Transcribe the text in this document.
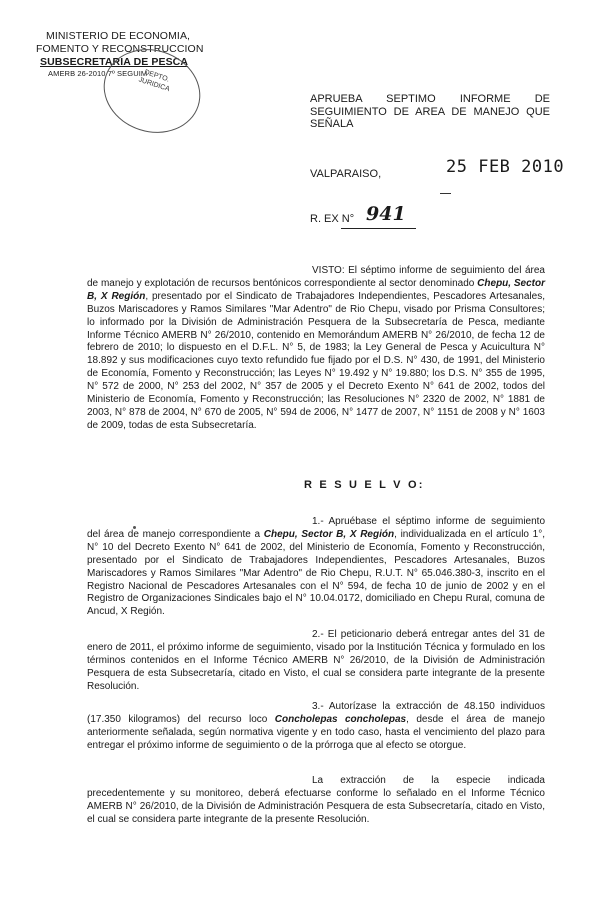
MINISTERIO DE ECONOMIA,
FOMENTO Y RECONSTRUCCION
SUBSECRETARIA DE PESCA
AMERB 26-2010 7º SEGUIM
DEPTO. JURIDICA
APRUEBA SEPTIMO INFORME DE SEGUIMIENTO DE AREA DE MANEJO QUE SEÑALA
VALPARAISO,	25 FEB 2010
R. EX N° 941
VISTO: El séptimo informe de seguimiento del área de manejo y explotación de recursos bentónicos correspondiente al sector denominado Chepu, Sector B, X Región, presentado por el Sindicato de Trabajadores Independientes, Pescadores Artesanales, Buzos Mariscadores y Ramos Similares "Mar Adentro" de Rio Chepu, visado por Prisma Consultores; lo informado por la División de Administración Pesquera de la Subsecretaría de Pesca, mediante Informe Técnico AMERB N° 26/2010, contenido en Memorándum AMERB N° 26/2010, de fecha 12 de febrero de 2010; lo dispuesto en el D.F.L. N° 5, de 1983; la Ley General de Pesca y Acuicultura N° 18.892 y sus modificaciones cuyo texto refundido fue fijado por el D.S. N° 430, de 1991, del Ministerio de Economía, Fomento y Reconstrucción; las Leyes N° 19.492 y N° 19.880; los D.S. N° 355 de 1995, N° 572 de 2000, N° 253 del 2002, N° 357 de 2005 y el Decreto Exento N° 641 de 2002, todos del Ministerio de Economía, Fomento y Reconstrucción; las Resoluciones N° 2320 de 2002, N° 1881 de 2003, N° 878 de 2004, N° 670 de 2005, N° 594 de 2006, N° 1477 de 2007, N° 1151 de 2008 y N° 1603 de 2009, todas de esta Subsecretaría.
R E S U E L V O:
1.- Apruébase el séptimo informe de seguimiento del área de manejo correspondiente a Chepu, Sector B, X Región, individualizada en el artículo 1°, N° 10 del Decreto Exento N° 641 de 2002, del Ministerio de Economía, Fomento y Reconstrucción, presentado por el Sindicato de Trabajadores Independientes, Pescadores Artesanales, Buzos Mariscadores y Ramos Similares "Mar Adentro" de Rio Chepu, R.U.T. N° 65.046.380-3, inscrito en el Registro Nacional de Pescadores Artesanales con el N° 594, de fecha 10 de junio de 2002 y en el Registro de Organizaciones Sindicales bajo el N° 10.04.0172, domiciliado en Chepu Rural, comuna de Ancud, X Región.
2.- El peticionario deberá entregar antes del 31 de enero de 2011, el próximo informe de seguimiento, visado por la Institución Técnica y formulado en los términos contenidos en el Informe Técnico AMERB N° 26/2010, de la División de Administración Pesquera de esta Subsecretaría, citado en Visto, el cual se considera parte integrante de la presente Resolución.
3.- Autorízase la extracción de 48.150 individuos (17.350 kilogramos) del recurso loco Concholepas concholepas, desde el área de manejo anteriormente señalada, según normativa vigente y en todo caso, hasta el vencimiento del plazo para entregar el próximo informe de seguimiento o de la prórroga que al efecto se otorgue.
La extracción de la especie indicada precedentemente y su monitoreo, deberá efectuarse conforme lo señalado en el Informe Técnico AMERB N° 26/2010, de la División de Administración Pesquera de esta Subsecretaría, citado en Visto, el cual se considera parte integrante de la presente Resolución.
